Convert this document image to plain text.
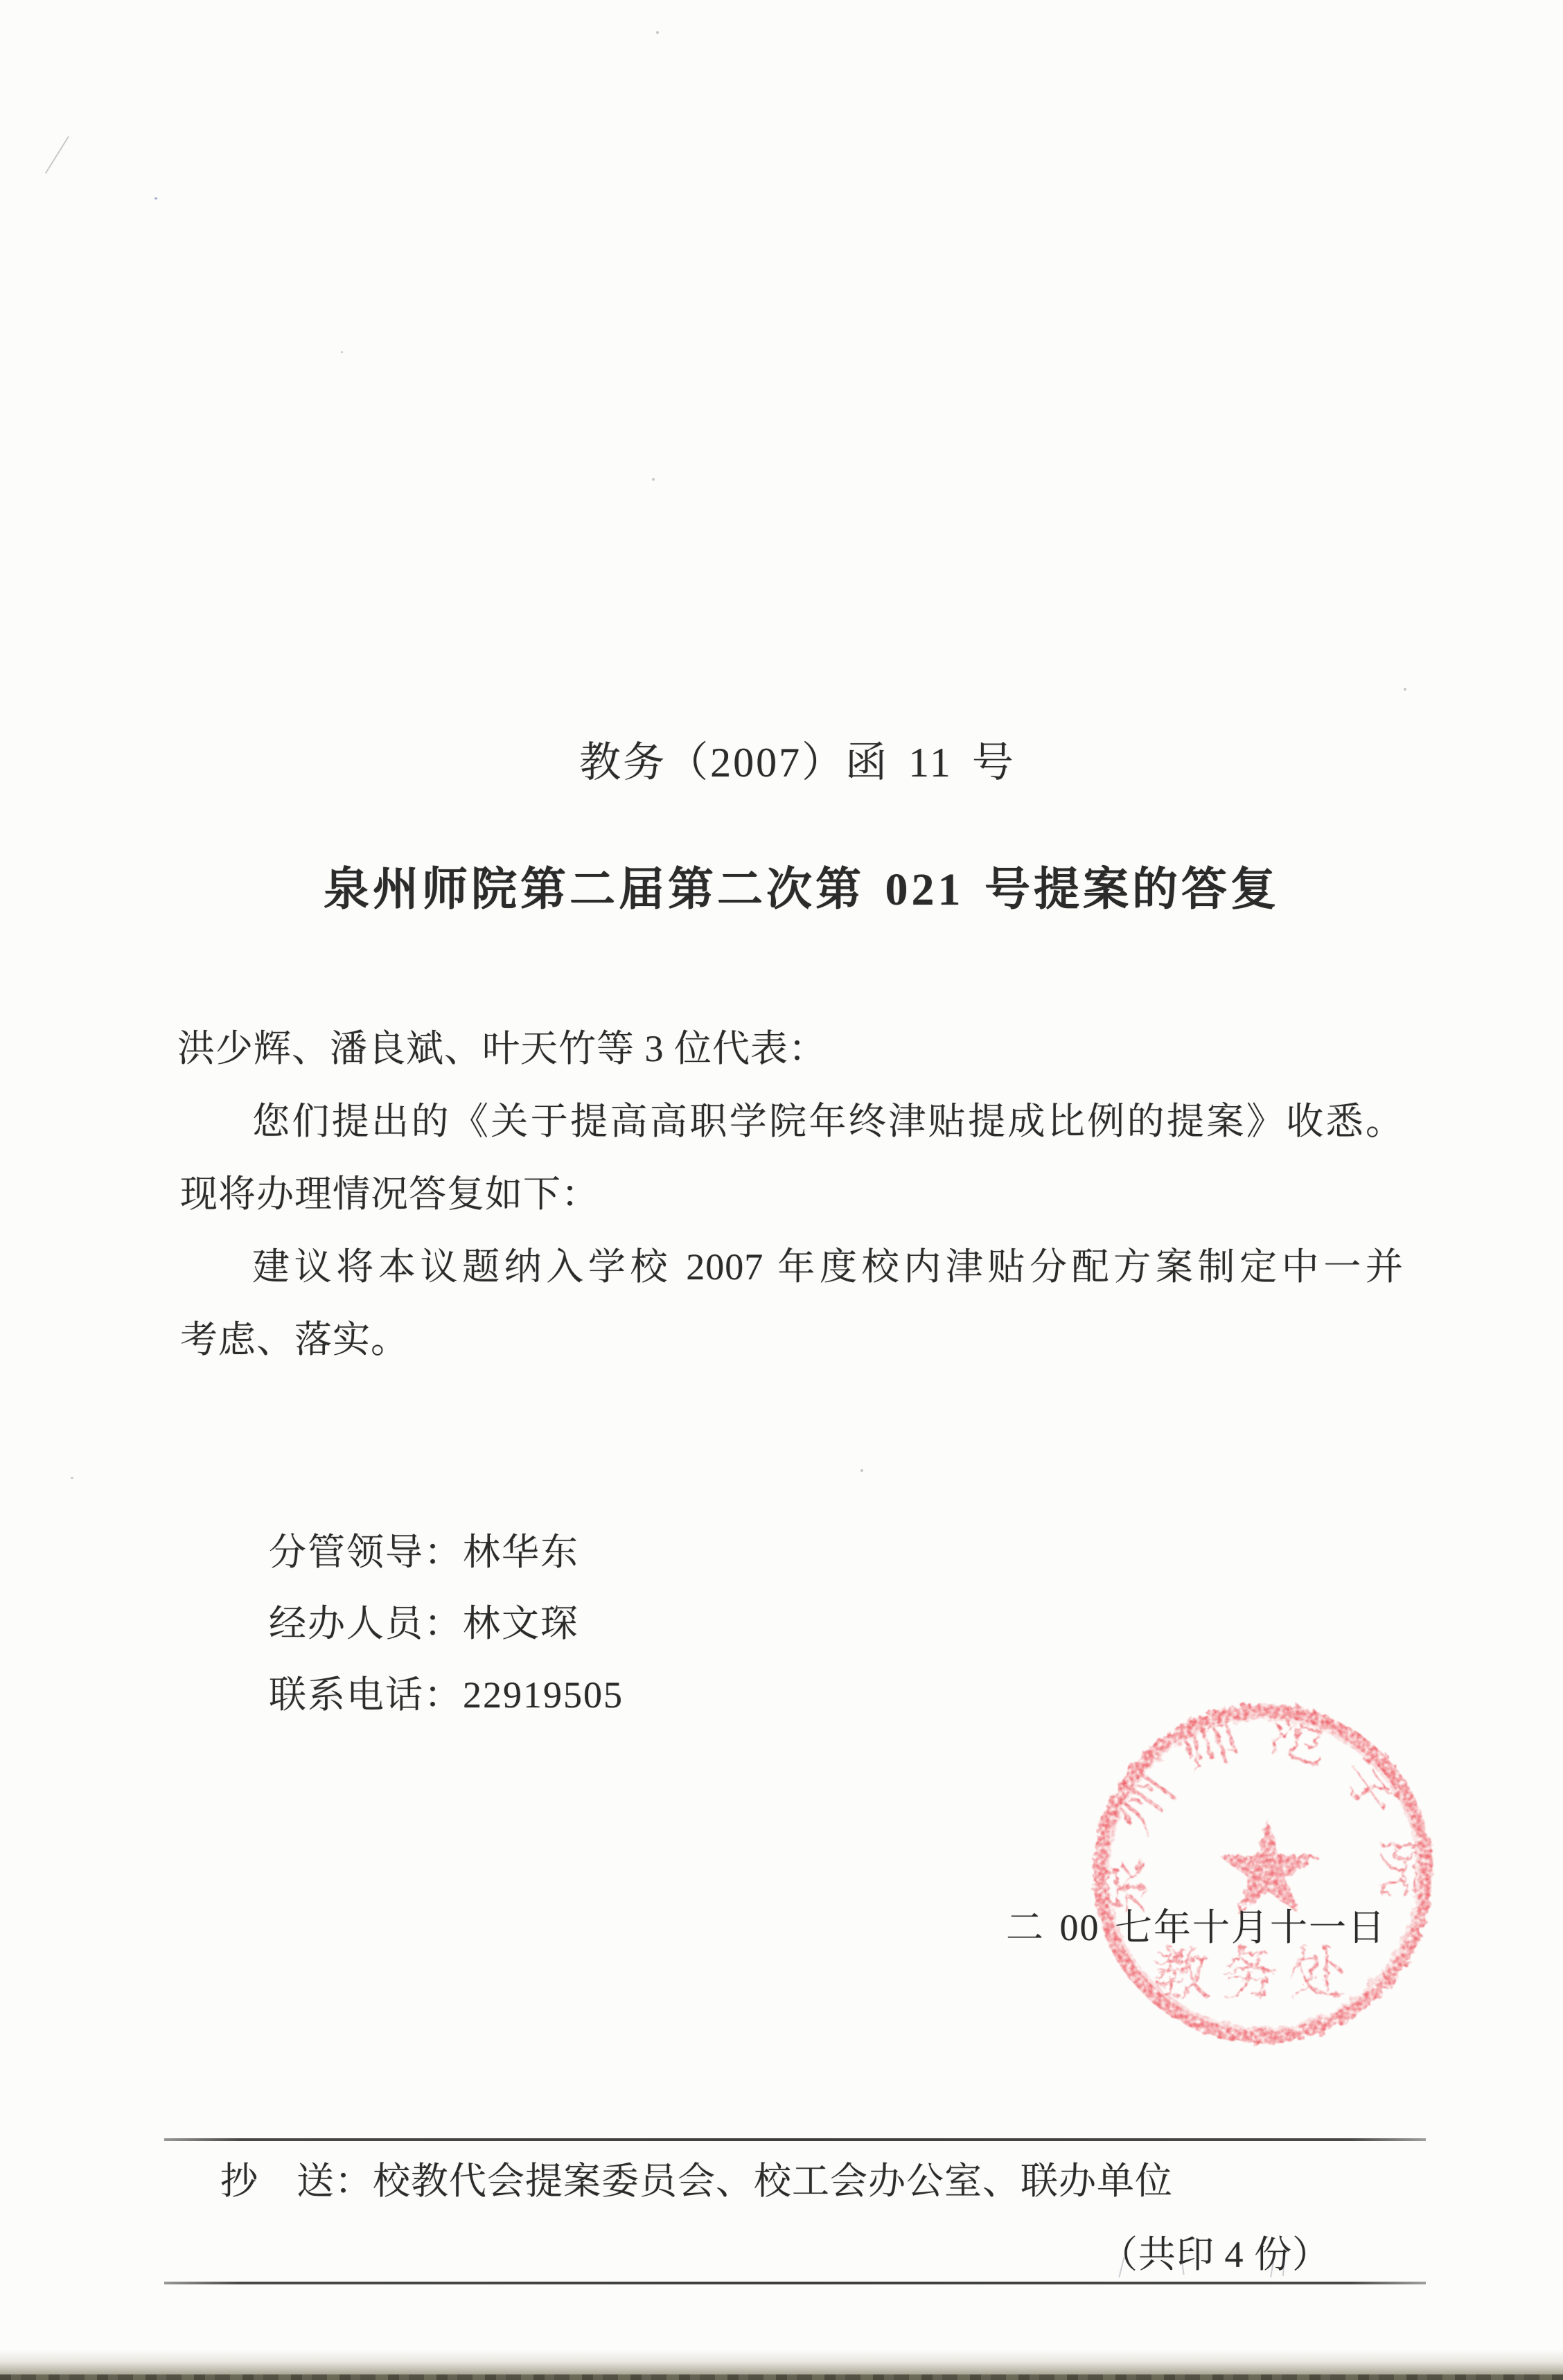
教务（2007）函 11 号
泉州师院第二届第二次第 021 号提案的答复
洪少辉、潘良斌、叶天竹等 3 位代表：
您们提出的《关于提高高职学院年终津贴提成比例的提案》收悉。
现将办理情况答复如下：
建议将本议题纳入学校 2007 年度校内津贴分配方案制定中一并
考虑、落实。
分管领导：林华东
经办人员：林文琛
联系电话：22919505
泉州师范学院
教务处
二 00 七年十月十一日
抄　送：校教代会提案委员会、校工会办公室、联办单位
（共印 4 份）
